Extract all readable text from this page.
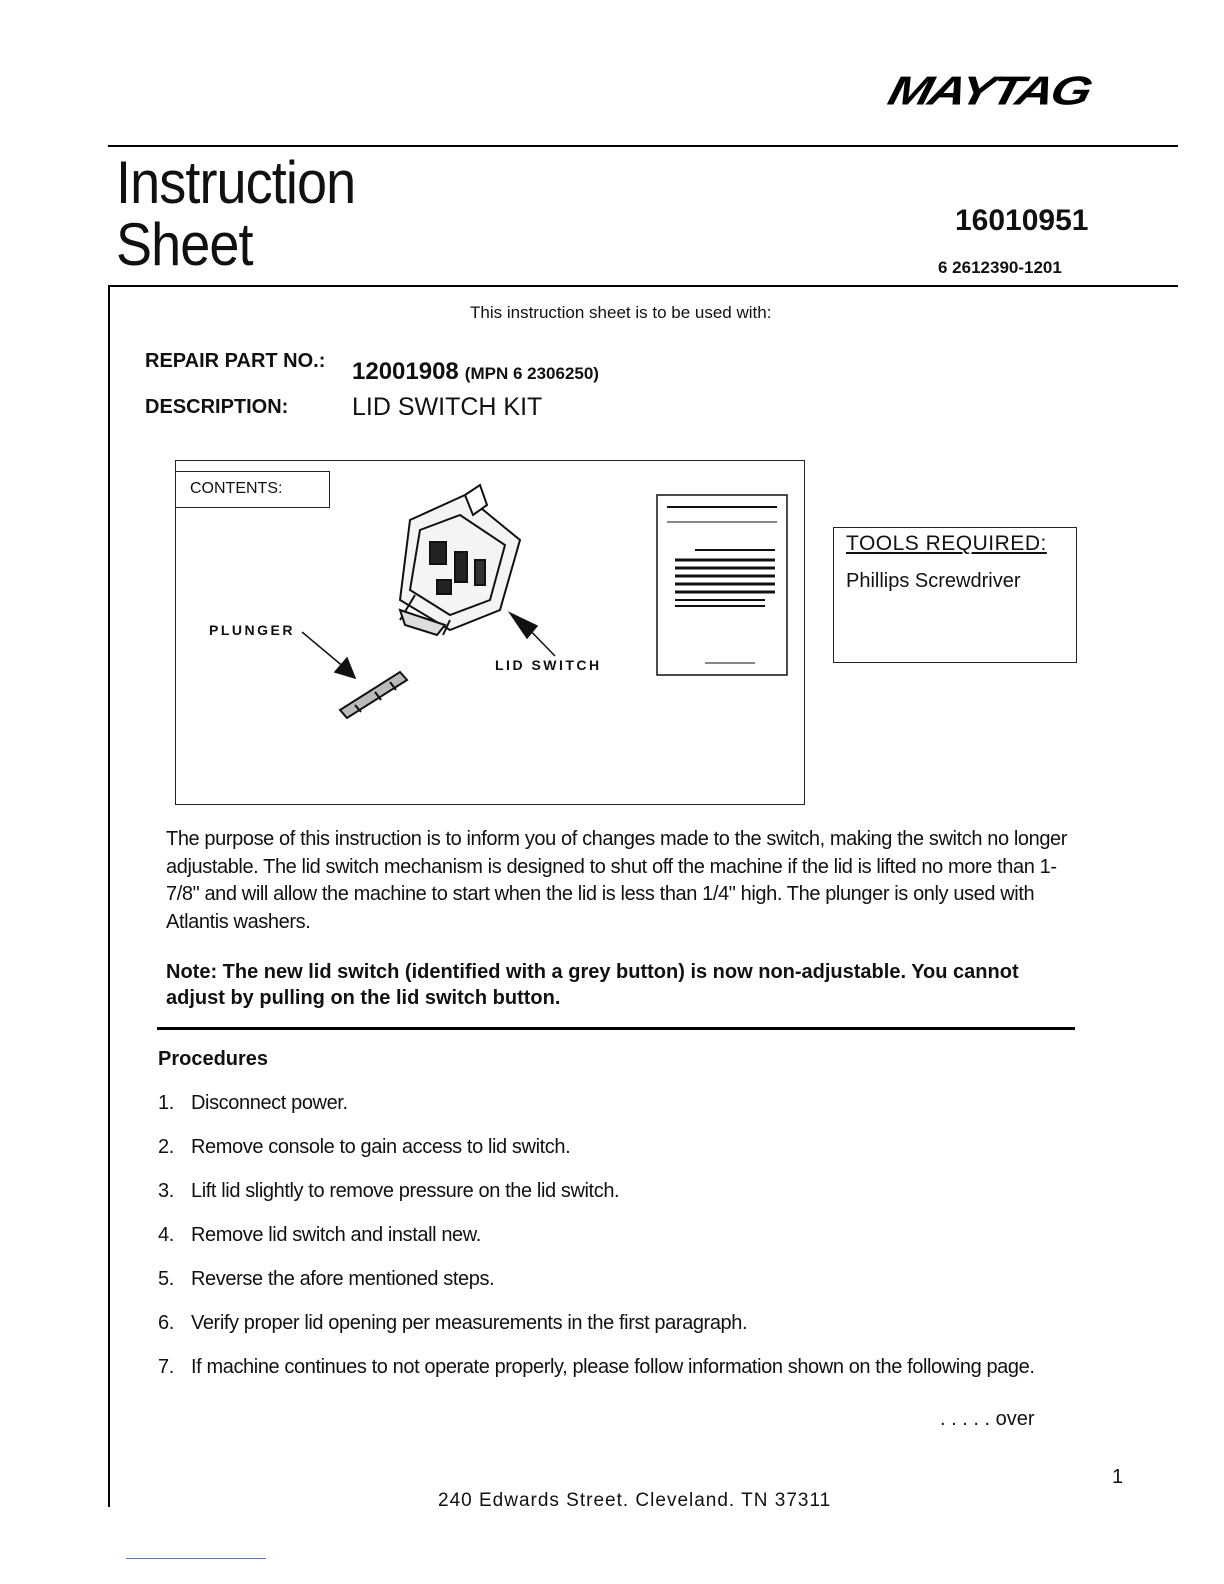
MAYTAG
Instruction
Sheet	16010951
6 2612390-1201
This instruction sheet is to be used with:
REPAIR PART NO.: 12001908 (MPN 6 2306250)
DESCRIPTION:	LID SWITCH KIT
CONTENTS:
PLUNGER
LID SWITCH
TOOLS REQUIRED:
Phillips Screwdriver
The purpose of this instruction is to inform you of changes made to the switch, making the switch no longer adjustable. The lid switch mechanism is designed to shut off the machine if the lid is lifted no more than 1-7/8" and will allow the machine to start when the lid is less than 1/4" high. The plunger is only used with Atlantis washers.
Note: The new lid switch (identified with a grey button) is now non-adjustable. You cannot adjust by pulling on the lid switch button.
Procedures
1. Disconnect power.
2. Remove console to gain access to lid switch.
3. Lift lid slightly to remove pressure on the lid switch.
4. Remove lid switch and install new.
5. Reverse the afore mentioned steps.
6. Verify proper lid opening per measurements in the first paragraph.
7. If machine continues to not operate properly, please follow information shown on the following page.
. . . . . over
1
240 Edwards Street. Cleveland. TN 37311
